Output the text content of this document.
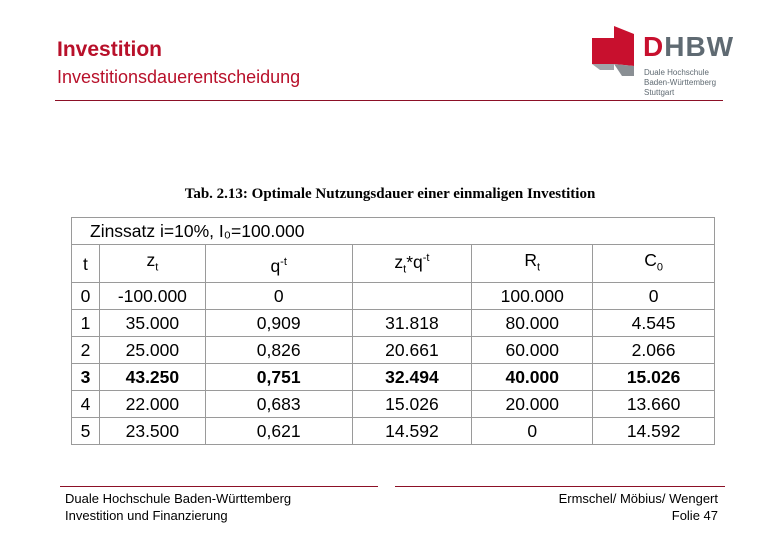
Investition
Investitionsdauerentscheidung
DHBW
Duale Hochschule
Baden-Württemberg
Stuttgart
Tab. 2.13: Optimale Nutzungsdauer einer einmaligen Investition
Zinssatz i=10%, I₀=100.000					
t	$z_t$	$q^{-t}$	$z_t*q^{-t}$	$R_t$	$C_0$
0	-100.000	0		100.000	0
1	35.000	0,909	31.818	80.000	4.545
2	25.000	0,826	20.661	60.000	2.066
3	43.250	0,751	32.494	40.000	15.026
4	22.000	0,683	15.026	20.000	13.660
5	23.500	0,621	14.592	0	14.592
Duale Hochschule Baden-Württemberg
Investition und Finanzierung
Ermschel/ Möbius/ Wengert
Folie 47
